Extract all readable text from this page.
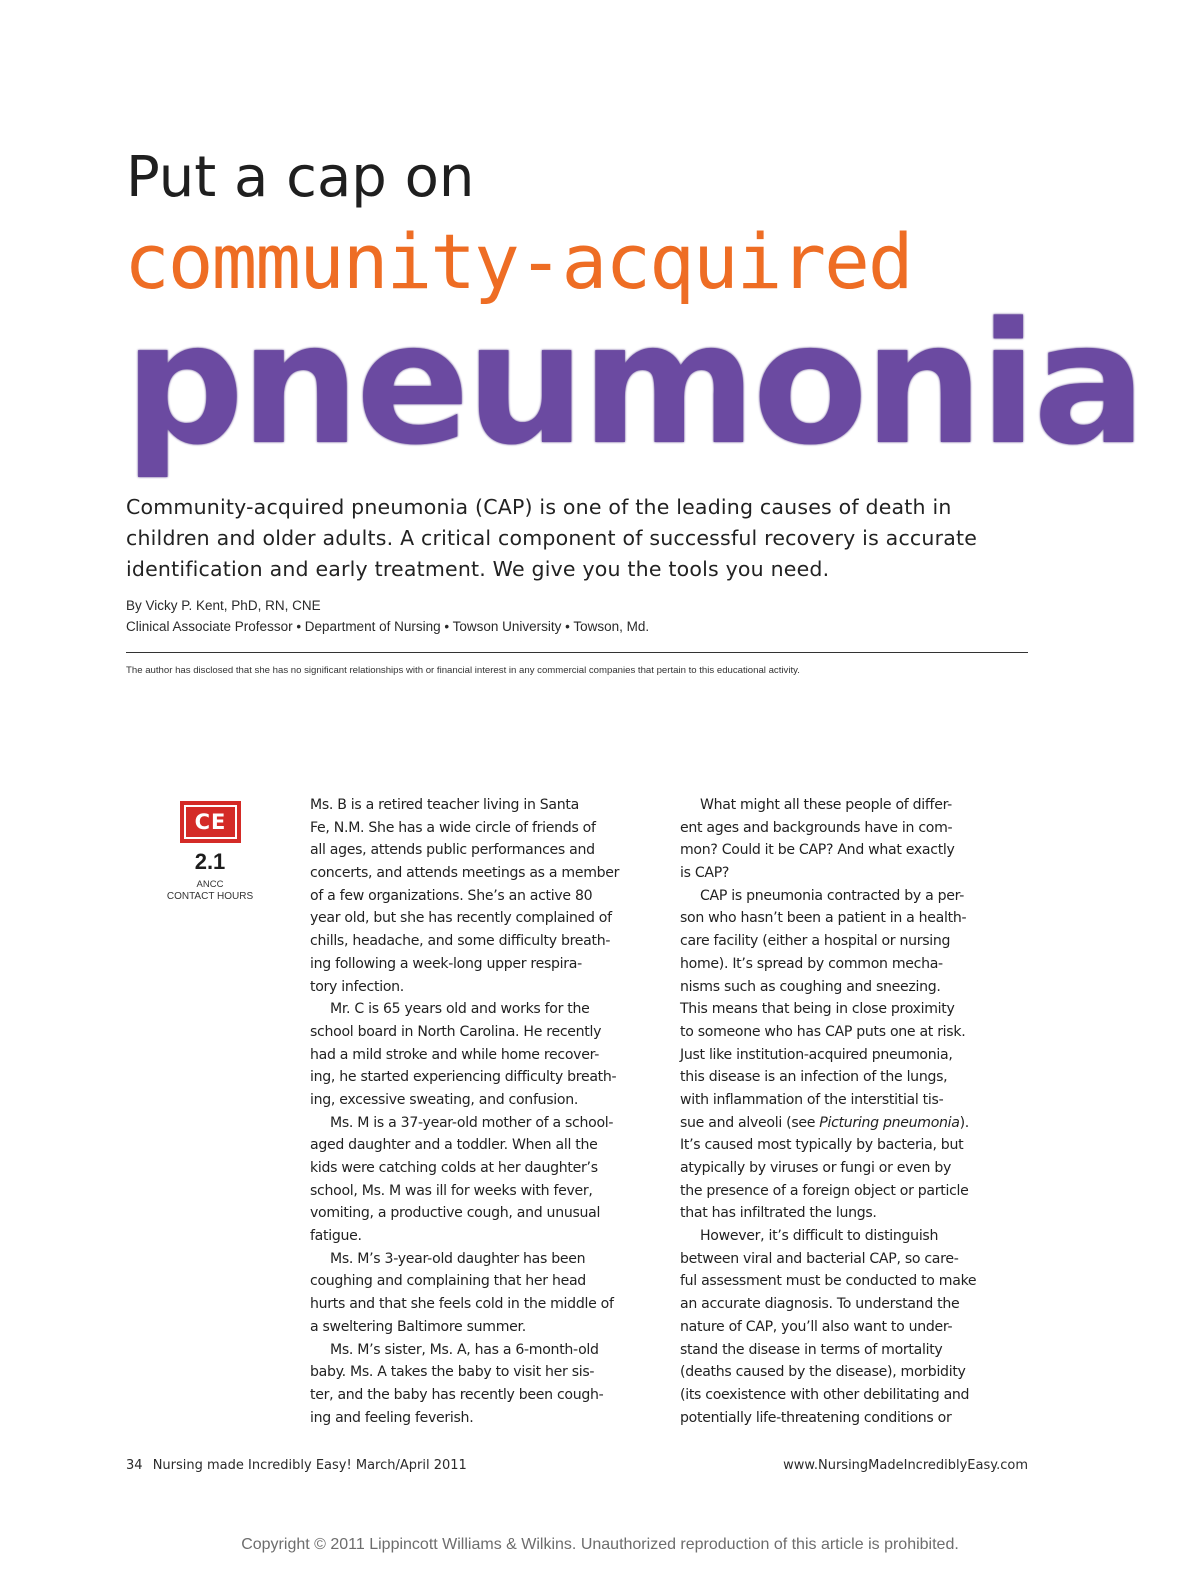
Put a cap on
community-acquired
pneumonia
Community-acquired pneumonia (CAP) is one of the leading causes of death in children and older adults. A critical component of successful recovery is accurate identification and early treatment. We give you the tools you need.
By Vicky P. Kent, PhD, RN, CNE
Clinical Associate Professor • Department of Nursing • Towson University • Towson, Md.
The author has disclosed that she has no significant relationships with or financial interest in any commercial companies that pertain to this educational activity.
CE
2.1
ANCC
CONTACT HOURS
Ms. B is a retired teacher living in Santa
Fe, N.M. She has a wide circle of friends of
all ages, attends public performances and
concerts, and attends meetings as a member
of a few organizations. She’s an active 80
year old, but she has recently complained of
chills, headache, and some difficulty breath-
ing following a week-long upper respira-
tory infection.
Mr. C is 65 years old and works for the
school board in North Carolina. He recently
had a mild stroke and while home recover-
ing, he started experiencing difficulty breath-
ing, excessive sweating, and confusion.
Ms. M is a 37-year-old mother of a school-
aged daughter and a toddler. When all the
kids were catching colds at her daughter’s
school, Ms. M was ill for weeks with fever,
vomiting, a productive cough, and unusual
fatigue.
Ms. M’s 3-year-old daughter has been
coughing and complaining that her head
hurts and that she feels cold in the middle of
a sweltering Baltimore summer.
Ms. M’s sister, Ms. A, has a 6-month-old
baby. Ms. A takes the baby to visit her sis-
ter, and the baby has recently been cough-
ing and feeling feverish.
What might all these people of differ-
ent ages and backgrounds have in com-
mon? Could it be CAP? And what exactly
is CAP?
CAP is pneumonia contracted by a per-
son who hasn’t been a patient in a health-
care facility (either a hospital or nursing
home). It’s spread by common mecha-
nisms such as coughing and sneezing.
This means that being in close proximity
to someone who has CAP puts one at risk.
Just like institution-acquired pneumonia,
this disease is an infection of the lungs,
with inflammation of the interstitial tis-
sue and alveoli (see Picturing pneumonia).
It’s caused most typically by bacteria, but
atypically by viruses or fungi or even by
the presence of a foreign object or particle
that has infiltrated the lungs.
However, it’s difficult to distinguish
between viral and bacterial CAP, so care-
ful assessment must be conducted to make
an accurate diagnosis. To understand the
nature of CAP, you’ll also want to under-
stand the disease in terms of mortality
(deaths caused by the disease), morbidity
(its coexistence with other debilitating and
potentially life-threatening conditions or
34 Nursing made Incredibly Easy! March/April 2011	www.NursingMadeIncrediblyEasy.com
Copyright © 2011 Lippincott Williams & Wilkins. Unauthorized reproduction of this article is prohibited.
